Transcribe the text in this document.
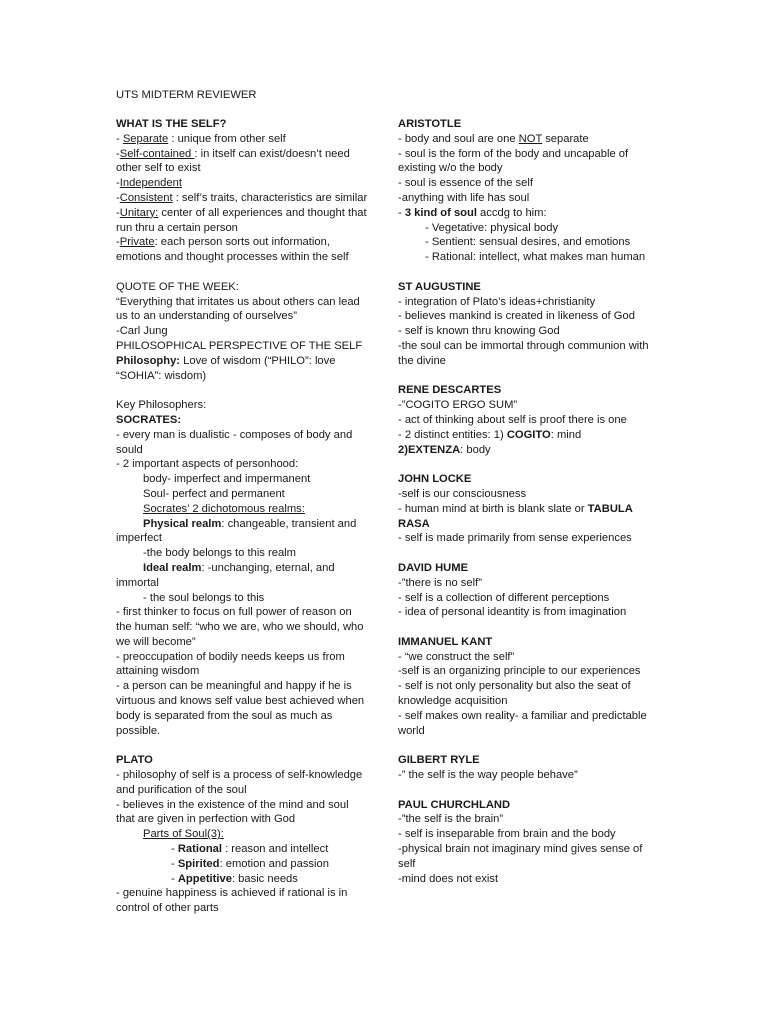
UTS MIDTERM REVIEWER

WHAT IS THE SELF?

- Separate : unique from other self

-Self-contained : in itself can exist/doesn’t need other self to exist

-Independent

-Consistent : self’s traits, characteristics are similar

-Unitary: center of all experiences and thought that run thru a certain person

-Private: each person sorts out information, emotions and thought processes within the self

QUOTE OF THE WEEK:

“Everything that irritates us about others can lead us to an understanding of ourselves”

-Carl Jung

PHILOSOPHICAL PERSPECTIVE OF THE SELF

Philosophy: Love of wisdom (“PHILO”: love “SOHIA”: wisdom)

Key Philosophers:

SOCRATES:

- every man is dualistic - composes of body and sould

- 2 important aspects of personhood:

body- imperfect and impermanent

Soul- perfect and permanent

Socrates’ 2 dichotomous realms:

Physical realm: changeable, transient and imperfect

-the body belongs to this realm

Ideal realm: -unchanging, eternal, and immortal

- the soul belongs to this

- first thinker to focus on full power of reason on the human self: “who we are, who we should, who we will become”

- preoccupation of bodily needs keeps us from attaining wisdom

- a person can be meaningful and happy if he is virtuous and knows self value best achieved when body is separated from the soul as much as possible.

PLATO

- philosophy of self is a process of self-knowledge and purification of the soul

- believes in the existence of the mind and soul that are given in perfection with God

Parts of Soul(3):

- Rational : reason and intellect

- Spirited: emotion and passion

- Appetitive: basic needs

- genuine happiness is achieved if rational is in control of other parts

ARISTOTLE

- body and soul are one NOT separate

- soul is the form of the body and uncapable of existing w/o the body

- soul is essence of the self

-anything with life has soul

- 3 kind of soul accdg to him:

- Vegetative: physical body

- Sentient: sensual desires, and emotions

- Rational: intellect, what makes man human

ST AUGUSTINE

- integration of Plato’s ideas+christianity

- believes mankind is created in likeness of God

- self is known thru knowing God

-the soul can be immortal through communion with the divine

RENE DESCARTES

-”COGITO ERGO SUM”

- act of thinking about self is proof there is one

- 2 distinct entities: 1) COGITO: mind

2)EXTENZA: body

JOHN LOCKE

-self is our consciousness

- human mind at birth is blank slate or TABULA RASA

- self is made primarily from sense experiences

DAVID HUME

-”there is no self”

- self is a collection of different perceptions

- idea of personal ideantity is from imagination

IMMANUEL KANT

- “we construct the self”

-self is an organizing principle to our experiences

- self is not only personality but also the seat of knowledge acquisition

- self makes own reality- a familiar and predictable world

GILBERT RYLE

-” the self is the way people behave”

PAUL CHURCHLAND

-”the self is the brain”

- self is inseparable from brain and the body

-physical brain not imaginary mind gives sense of self

-mind does not exist
